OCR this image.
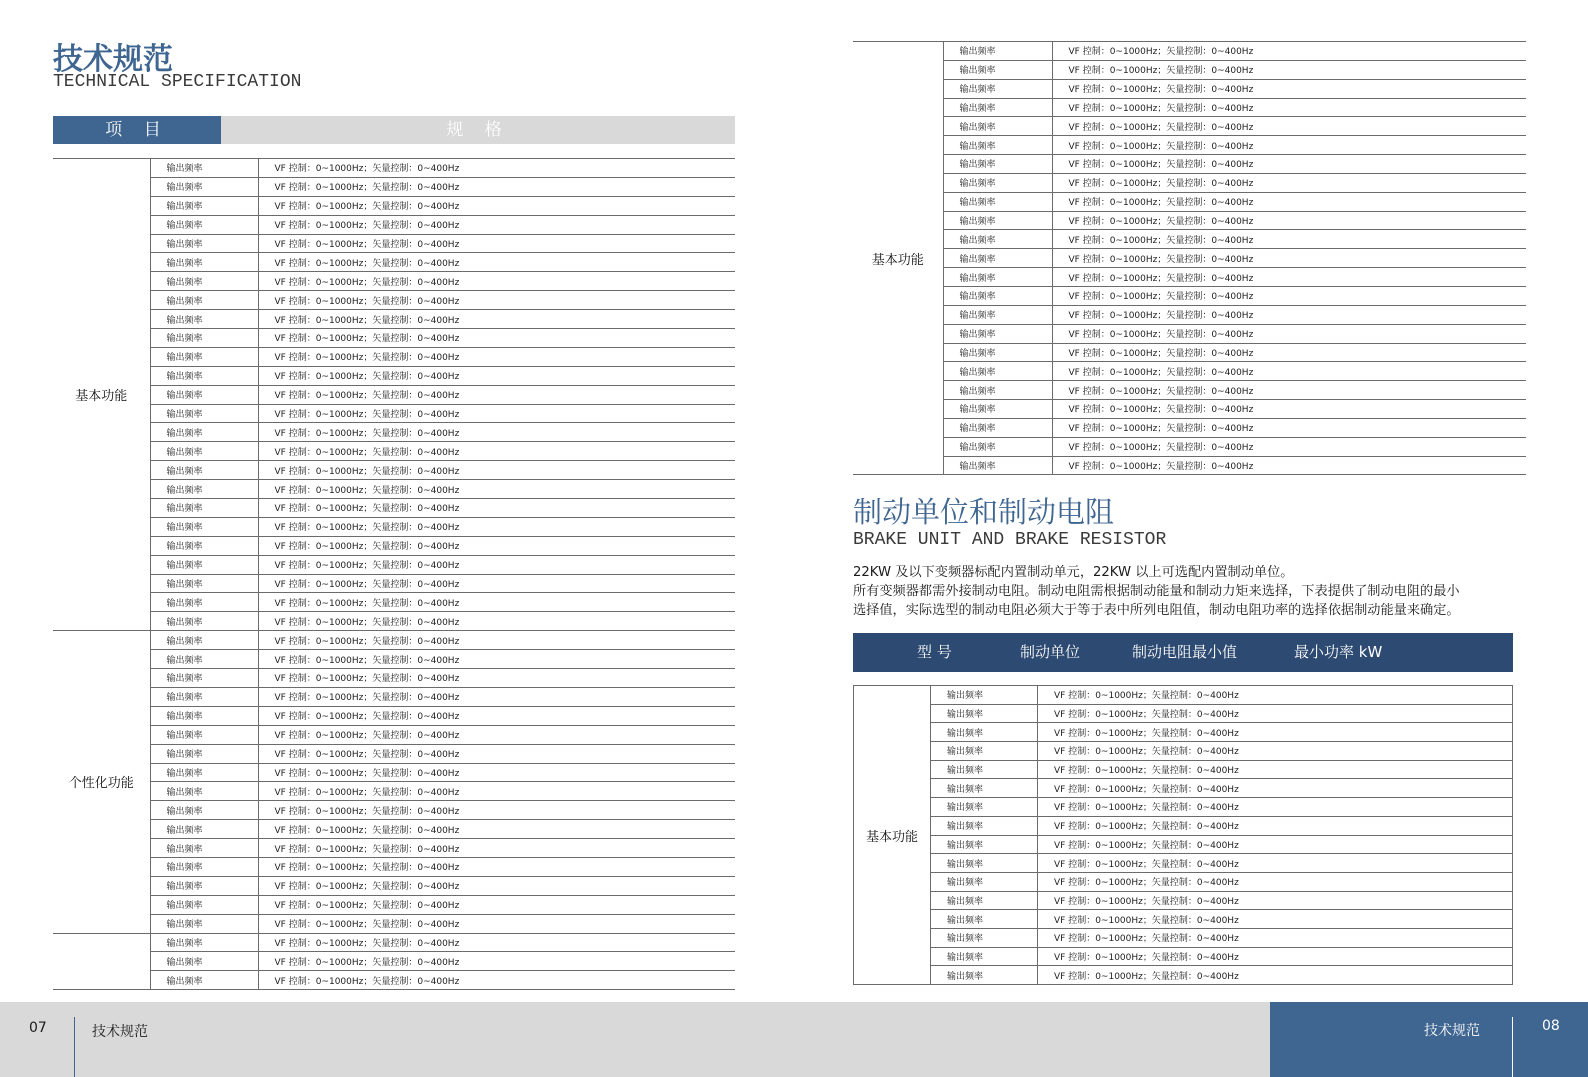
技术规范
TECHNICAL SPECIFICATION
项 目	规 格
基本功能	输出频率	VF 控制：0~1000Hz；矢量控制：0~400Hz
	输出频率	VF 控制：0~1000Hz；矢量控制：0~400Hz
	输出频率	VF 控制：0~1000Hz；矢量控制：0~400Hz
	输出频率	VF 控制：0~1000Hz；矢量控制：0~400Hz
	输出频率	VF 控制：0~1000Hz；矢量控制：0~400Hz
	输出频率	VF 控制：0~1000Hz；矢量控制：0~400Hz
	输出频率	VF 控制：0~1000Hz；矢量控制：0~400Hz
	输出频率	VF 控制：0~1000Hz；矢量控制：0~400Hz
	输出频率	VF 控制：0~1000Hz；矢量控制：0~400Hz
	输出频率	VF 控制：0~1000Hz；矢量控制：0~400Hz
	输出频率	VF 控制：0~1000Hz；矢量控制：0~400Hz
	输出频率	VF 控制：0~1000Hz；矢量控制：0~400Hz
	输出频率	VF 控制：0~1000Hz；矢量控制：0~400Hz
	输出频率	VF 控制：0~1000Hz；矢量控制：0~400Hz
	输出频率	VF 控制：0~1000Hz；矢量控制：0~400Hz
	输出频率	VF 控制：0~1000Hz；矢量控制：0~400Hz
	输出频率	VF 控制：0~1000Hz；矢量控制：0~400Hz
	输出频率	VF 控制：0~1000Hz；矢量控制：0~400Hz
	输出频率	VF 控制：0~1000Hz；矢量控制：0~400Hz
	输出频率	VF 控制：0~1000Hz；矢量控制：0~400Hz
	输出频率	VF 控制：0~1000Hz；矢量控制：0~400Hz
	输出频率	VF 控制：0~1000Hz；矢量控制：0~400Hz
	输出频率	VF 控制：0~1000Hz；矢量控制：0~400Hz
	输出频率	VF 控制：0~1000Hz；矢量控制：0~400Hz
	输出频率	VF 控制：0~1000Hz；矢量控制：0~400Hz
个性化功能	输出频率	VF 控制：0~1000Hz；矢量控制：0~400Hz
	输出频率	VF 控制：0~1000Hz；矢量控制：0~400Hz
	输出频率	VF 控制：0~1000Hz；矢量控制：0~400Hz
	输出频率	VF 控制：0~1000Hz；矢量控制：0~400Hz
	输出频率	VF 控制：0~1000Hz；矢量控制：0~400Hz
	输出频率	VF 控制：0~1000Hz；矢量控制：0~400Hz
	输出频率	VF 控制：0~1000Hz；矢量控制：0~400Hz
	输出频率	VF 控制：0~1000Hz；矢量控制：0~400Hz
	输出频率	VF 控制：0~1000Hz；矢量控制：0~400Hz
	输出频率	VF 控制：0~1000Hz；矢量控制：0~400Hz
	输出频率	VF 控制：0~1000Hz；矢量控制：0~400Hz
	输出频率	VF 控制：0~1000Hz；矢量控制：0~400Hz
	输出频率	VF 控制：0~1000Hz；矢量控制：0~400Hz
	输出频率	VF 控制：0~1000Hz；矢量控制：0~400Hz
	输出频率	VF 控制：0~1000Hz；矢量控制：0~400Hz
	输出频率	VF 控制：0~1000Hz；矢量控制：0~400Hz
	输出频率	VF 控制：0~1000Hz；矢量控制：0~400Hz
	输出频率	VF 控制：0~1000Hz；矢量控制：0~400Hz
	输出频率	VF 控制：0~1000Hz；矢量控制：0~400Hz
基本功能	输出频率	VF 控制：0~1000Hz；矢量控制：0~400Hz
	输出频率	VF 控制：0~1000Hz；矢量控制：0~400Hz
	输出频率	VF 控制：0~1000Hz；矢量控制：0~400Hz
	输出频率	VF 控制：0~1000Hz；矢量控制：0~400Hz
	输出频率	VF 控制：0~1000Hz；矢量控制：0~400Hz
	输出频率	VF 控制：0~1000Hz；矢量控制：0~400Hz
	输出频率	VF 控制：0~1000Hz；矢量控制：0~400Hz
	输出频率	VF 控制：0~1000Hz；矢量控制：0~400Hz
	输出频率	VF 控制：0~1000Hz；矢量控制：0~400Hz
	输出频率	VF 控制：0~1000Hz；矢量控制：0~400Hz
	输出频率	VF 控制：0~1000Hz；矢量控制：0~400Hz
	输出频率	VF 控制：0~1000Hz；矢量控制：0~400Hz
	输出频率	VF 控制：0~1000Hz；矢量控制：0~400Hz
	输出频率	VF 控制：0~1000Hz；矢量控制：0~400Hz
	输出频率	VF 控制：0~1000Hz；矢量控制：0~400Hz
	输出频率	VF 控制：0~1000Hz；矢量控制：0~400Hz
	输出频率	VF 控制：0~1000Hz；矢量控制：0~400Hz
	输出频率	VF 控制：0~1000Hz；矢量控制：0~400Hz
	输出频率	VF 控制：0~1000Hz；矢量控制：0~400Hz
	输出频率	VF 控制：0~1000Hz；矢量控制：0~400Hz
	输出频率	VF 控制：0~1000Hz；矢量控制：0~400Hz
	输出频率	VF 控制：0~1000Hz；矢量控制：0~400Hz
	输出频率	VF 控制：0~1000Hz；矢量控制：0~400Hz
制动单位和制动电阻
BRAKE UNIT AND BRAKE RESISTOR
22KW 及以下变频器标配内置制动单元，22KW 以上可选配内置制动单位。
所有变频器都需外接制动电阻。制动电阻需根据制动能量和制动力矩来选择，下表提供了制动电阻的最小
选择值，实际选型的制动电阻必须大于等于表中所列电阻值，制动电阻功率的选择依据制动能量来确定。
型 号	制动单位	制动电阻最小值	最小功率 kW
基本功能	输出频率	VF 控制：0~1000Hz；矢量控制：0~400Hz
	输出频率	VF 控制：0~1000Hz；矢量控制：0~400Hz
	输出频率	VF 控制：0~1000Hz；矢量控制：0~400Hz
	输出频率	VF 控制：0~1000Hz；矢量控制：0~400Hz
	输出频率	VF 控制：0~1000Hz；矢量控制：0~400Hz
	输出频率	VF 控制：0~1000Hz；矢量控制：0~400Hz
	输出频率	VF 控制：0~1000Hz；矢量控制：0~400Hz
	输出频率	VF 控制：0~1000Hz；矢量控制：0~400Hz
	输出频率	VF 控制：0~1000Hz；矢量控制：0~400Hz
	输出频率	VF 控制：0~1000Hz；矢量控制：0~400Hz
	输出频率	VF 控制：0~1000Hz；矢量控制：0~400Hz
	输出频率	VF 控制：0~1000Hz；矢量控制：0~400Hz
	输出频率	VF 控制：0~1000Hz；矢量控制：0~400Hz
	输出频率	VF 控制：0~1000Hz；矢量控制：0~400Hz
	输出频率	VF 控制：0~1000Hz；矢量控制：0~400Hz
	输出频率	VF 控制：0~1000Hz；矢量控制：0~400Hz
07	技术规范	技术规范	08
